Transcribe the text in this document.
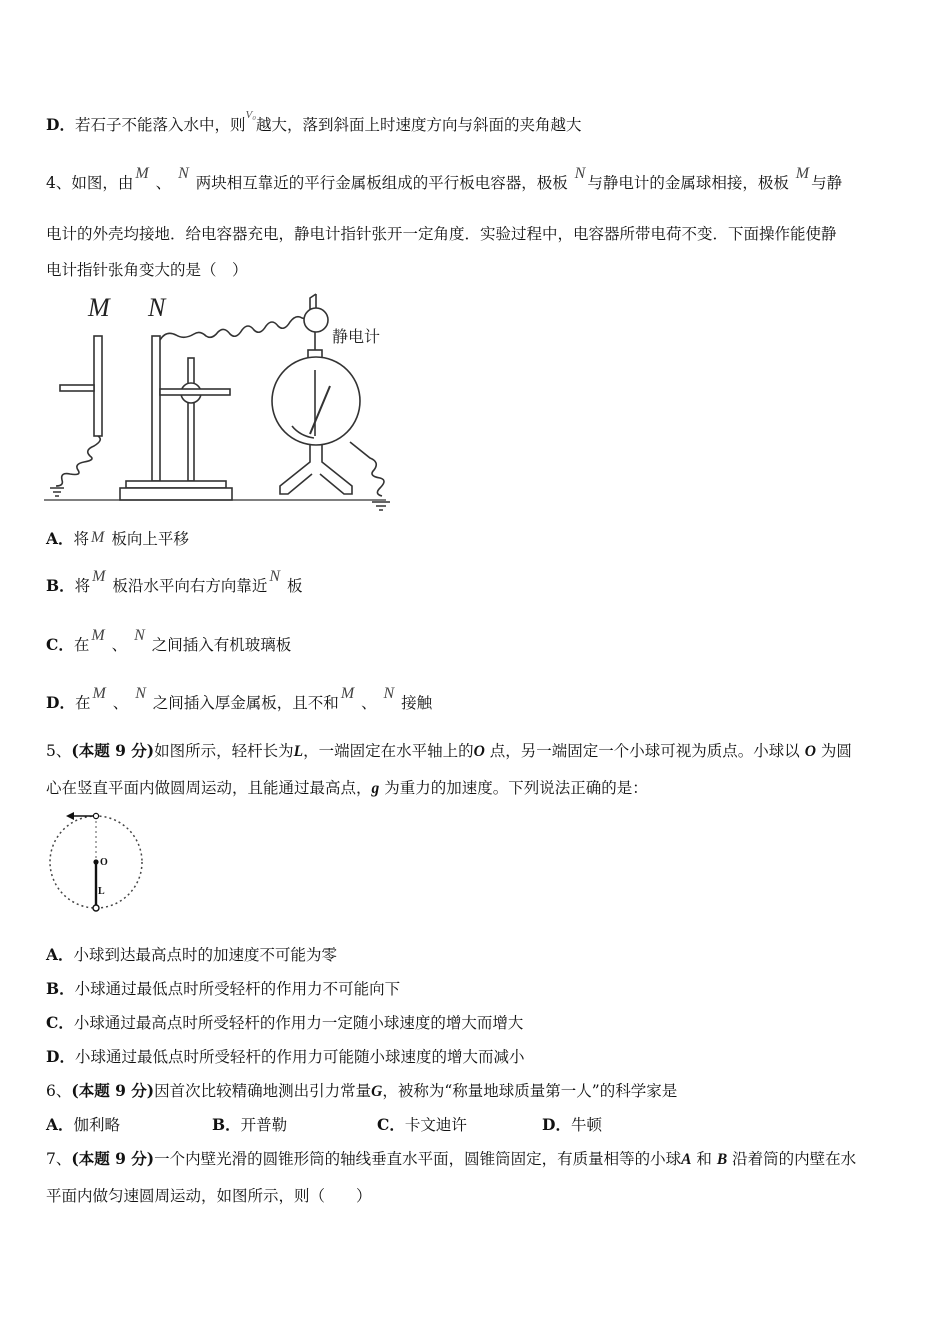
D．若石子不能落入水中，则$^{V_0}$越大，落到斜面上时速度方向与斜面的夹角越大
4、如图，由M 、 N 两块相互靠近的平行金属板组成的平行板电容器，极板 N与静电计的金属球相接，极板 M与静
电计的外壳均接地．给电容器充电，静电计指针张开一定角度．实验过程中，电容器所带电荷不变．下面操作能使静
电计指针张角变大的是（　）
M N
静电计
A．将 M 板向上平移
B．将M 板沿水平向右方向靠近N 板
C．在M 、 N 之间插入有机玻璃板
D．在M 、 N 之间插入厚金属板，且不和M 、 N 接触
5、(本题 9 分)如图所示，轻杆长为L，一端固定在水平轴上的O 点，另一端固定一个小球可视为质点。小球以 O 为圆
心在竖直平面内做圆周运动，且能通过最高点，g 为重力的加速度。下列说法正确的是：
O
L
A．小球到达最高点时的加速度不可能为零
B．小球通过最低点时所受轻杆的作用力不可能向下
C．小球通过最高点时所受轻杆的作用力一定随小球速度的增大而增大
D．小球通过最低点时所受轻杆的作用力可能随小球速度的增大而减小
6、(本题 9 分)因首次比较精确地测出引力常量G，被称为“称量地球质量第一人”的科学家是
A．伽利略	B．开普勒	C．卡文迪许	D．牛顿
7、(本题 9 分)一个内壁光滑的圆锥形筒的轴线垂直水平面，圆锥筒固定，有质量相等的小球A 和 B 沿着筒的内壁在水
平面内做匀速圆周运动，如图所示，则（　　）
